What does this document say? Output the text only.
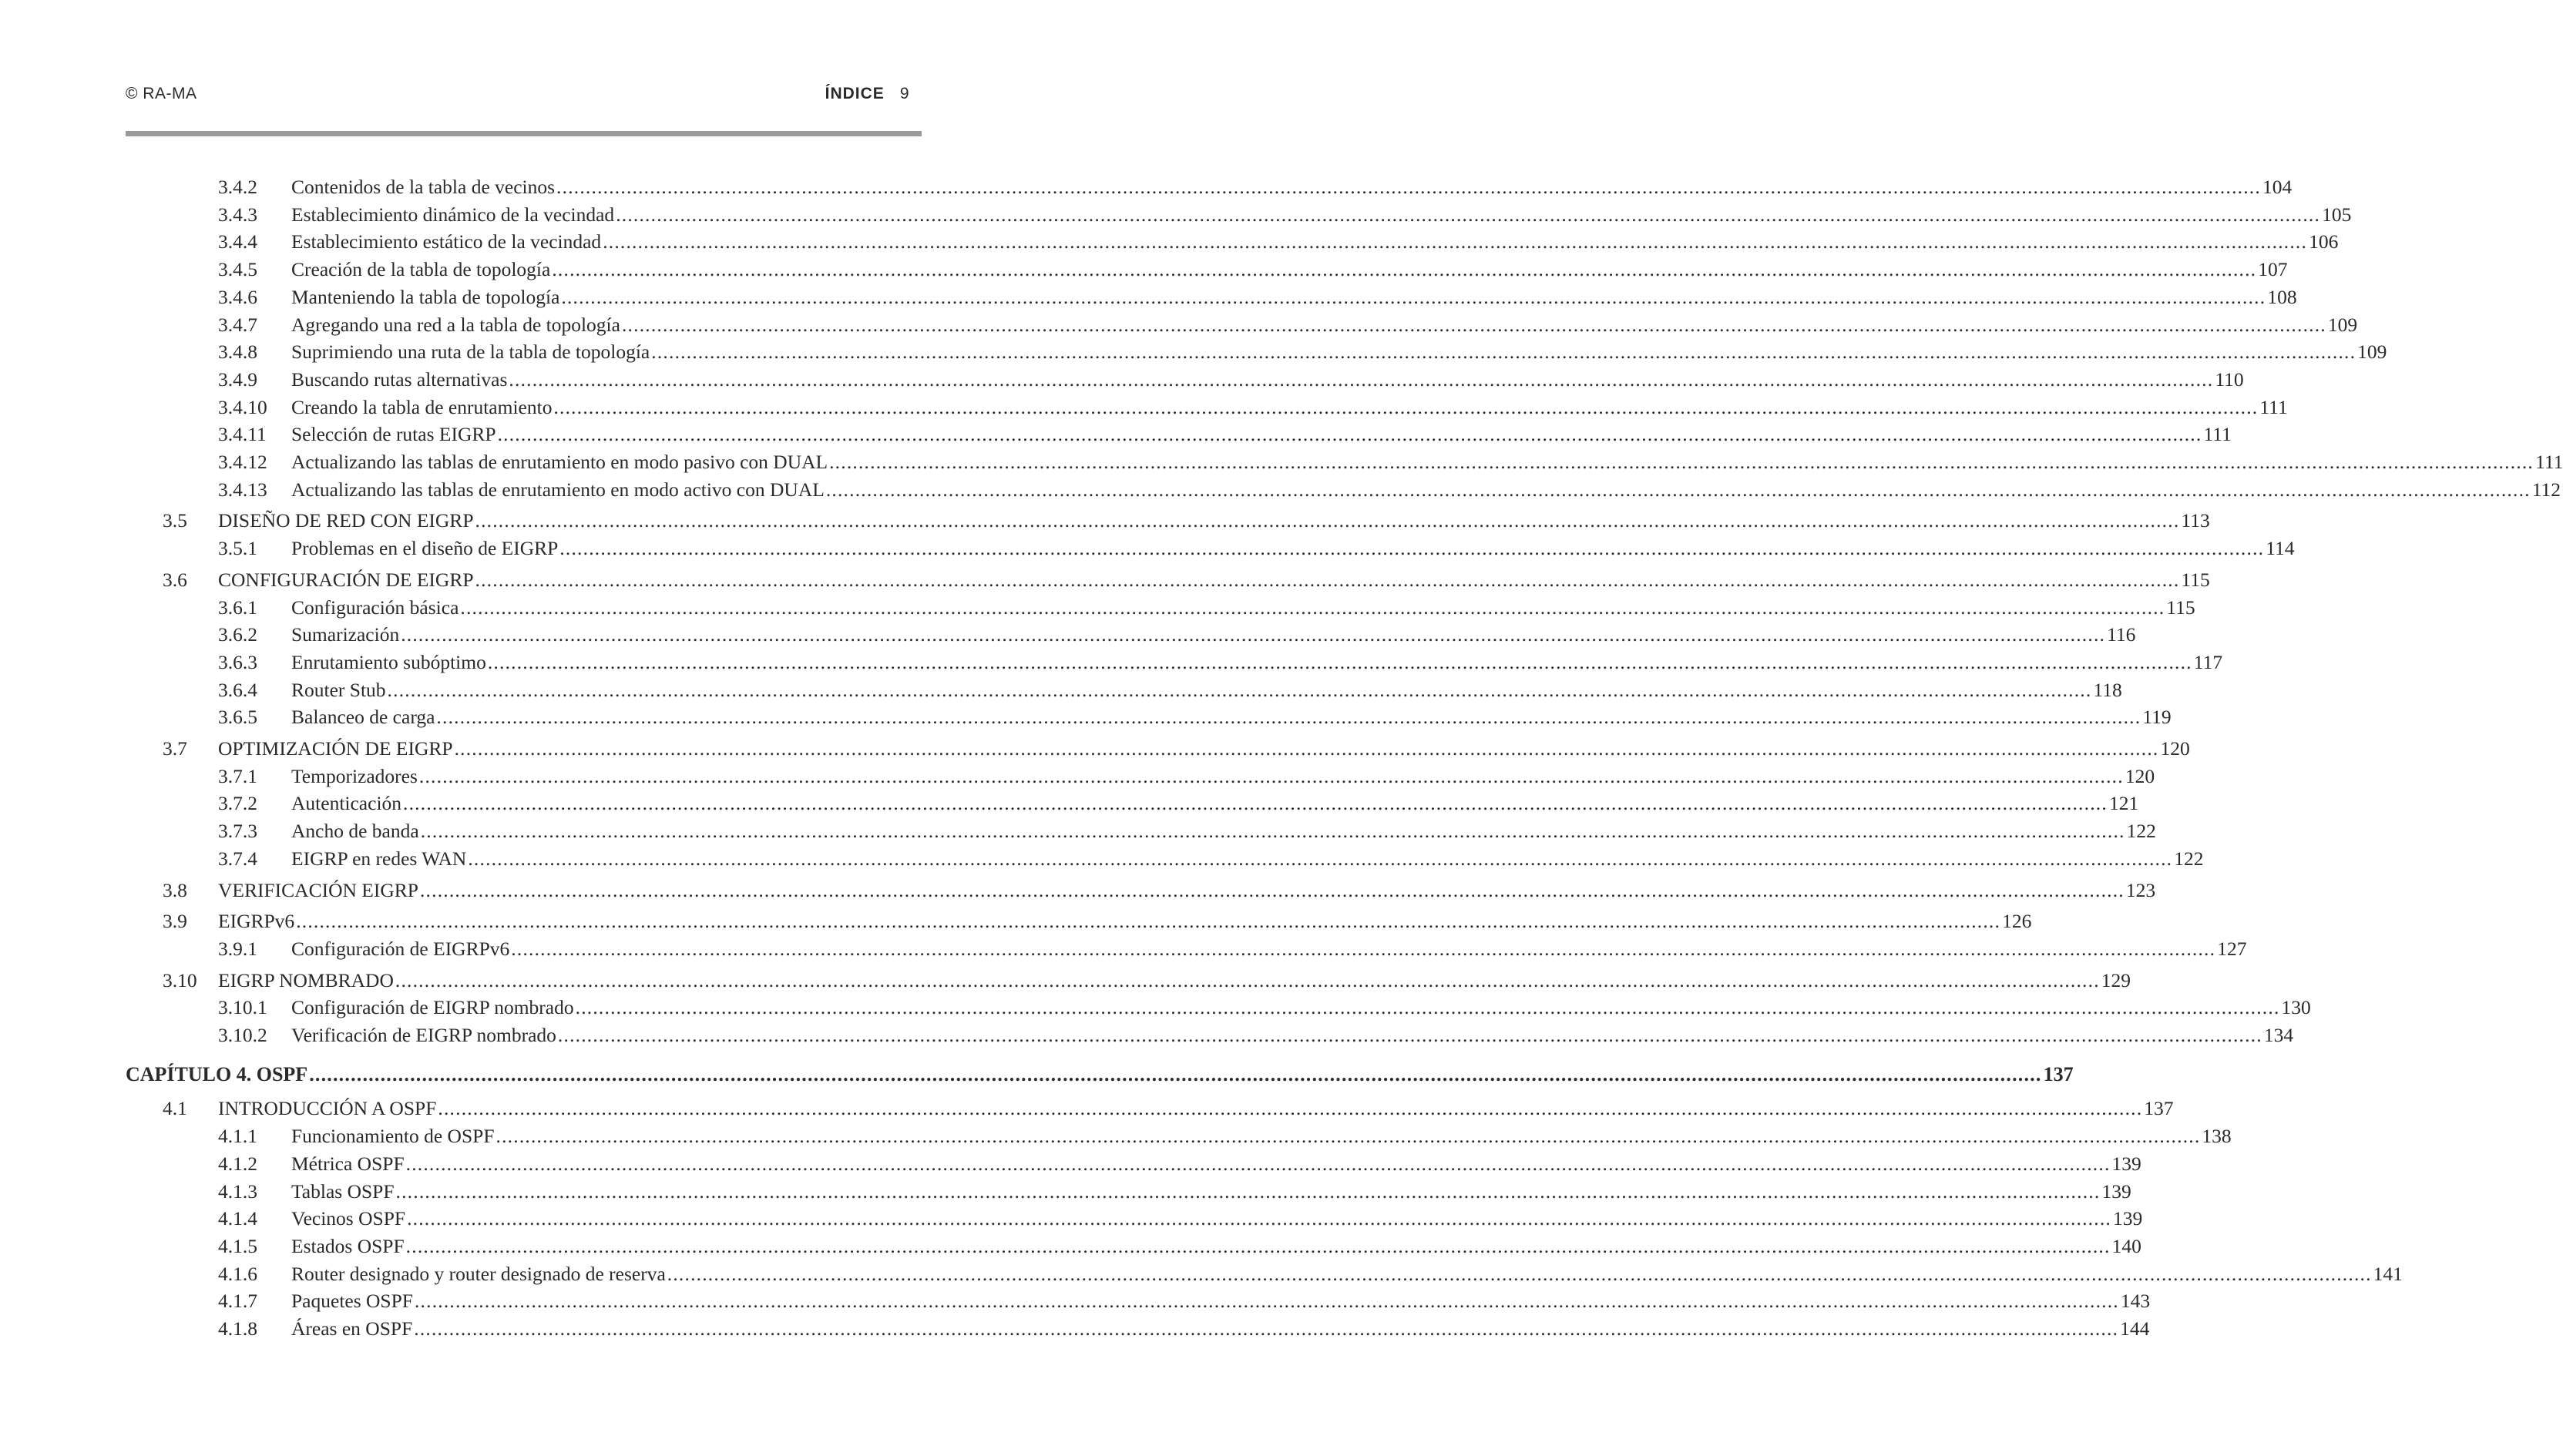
© RA-MA	ÍNDICE 9
3.4.2	Contenidos de la tabla de vecinos .....	104
3.4.3	Establecimiento dinámico de la vecindad .....	105
3.4.4	Establecimiento estático de la vecindad .....	106
3.4.5	Creación de la tabla de topología .....	107
3.4.6	Manteniendo la tabla de topología .....	108
3.4.7	Agregando una red a la tabla de topología .....	109
3.4.8	Suprimiendo una ruta de la tabla de topología .....	109
3.4.9	Buscando rutas alternativas .....	110
3.4.10	Creando la tabla de enrutamiento .....	111
3.4.11	Selección de rutas EIGRP .....	111
3.4.12	Actualizando las tablas de enrutamiento en modo pasivo con DUAL .....	111
3.4.13	Actualizando las tablas de enrutamiento en modo activo con DUAL .....	112
3.5	DISEÑO DE RED CON EIGRP .....	113
3.5.1	Problemas en el diseño de EIGRP .....	114
3.6	CONFIGURACIÓN DE EIGRP .....	115
3.6.1	Configuración básica .....	115
3.6.2	Sumarización .....	116
3.6.3	Enrutamiento subóptimo .....	117
3.6.4	Router Stub .....	118
3.6.5	Balanceo de carga .....	119
3.7	OPTIMIZACIÓN DE EIGRP .....	120
3.7.1	Temporizadores .....	120
3.7.2	Autenticación .....	121
3.7.3	Ancho de banda .....	122
3.7.4	EIGRP en redes WAN .....	122
3.8	VERIFICACIÓN EIGRP .....	123
3.9	EIGRPv6 .....	126
3.9.1	Configuración de EIGRPv6 .....	127
3.10	EIGRP NOMBRADO .....	129
3.10.1	Configuración de EIGRP nombrado .....	130
3.10.2	Verificación de EIGRP nombrado .....	134
CAPÍTULO 4. OSPF .....	137
4.1	INTRODUCCIÓN A OSPF .....	137
4.1.1	Funcionamiento de OSPF .....	138
4.1.2	Métrica OSPF .....	139
4.1.3	Tablas OSPF .....	139
4.1.4	Vecinos OSPF .....	139
4.1.5	Estados OSPF .....	140
4.1.6	Router designado y router designado de reserva .....	141
4.1.7	Paquetes OSPF .....	143
4.1.8	Áreas en OSPF .....	144
